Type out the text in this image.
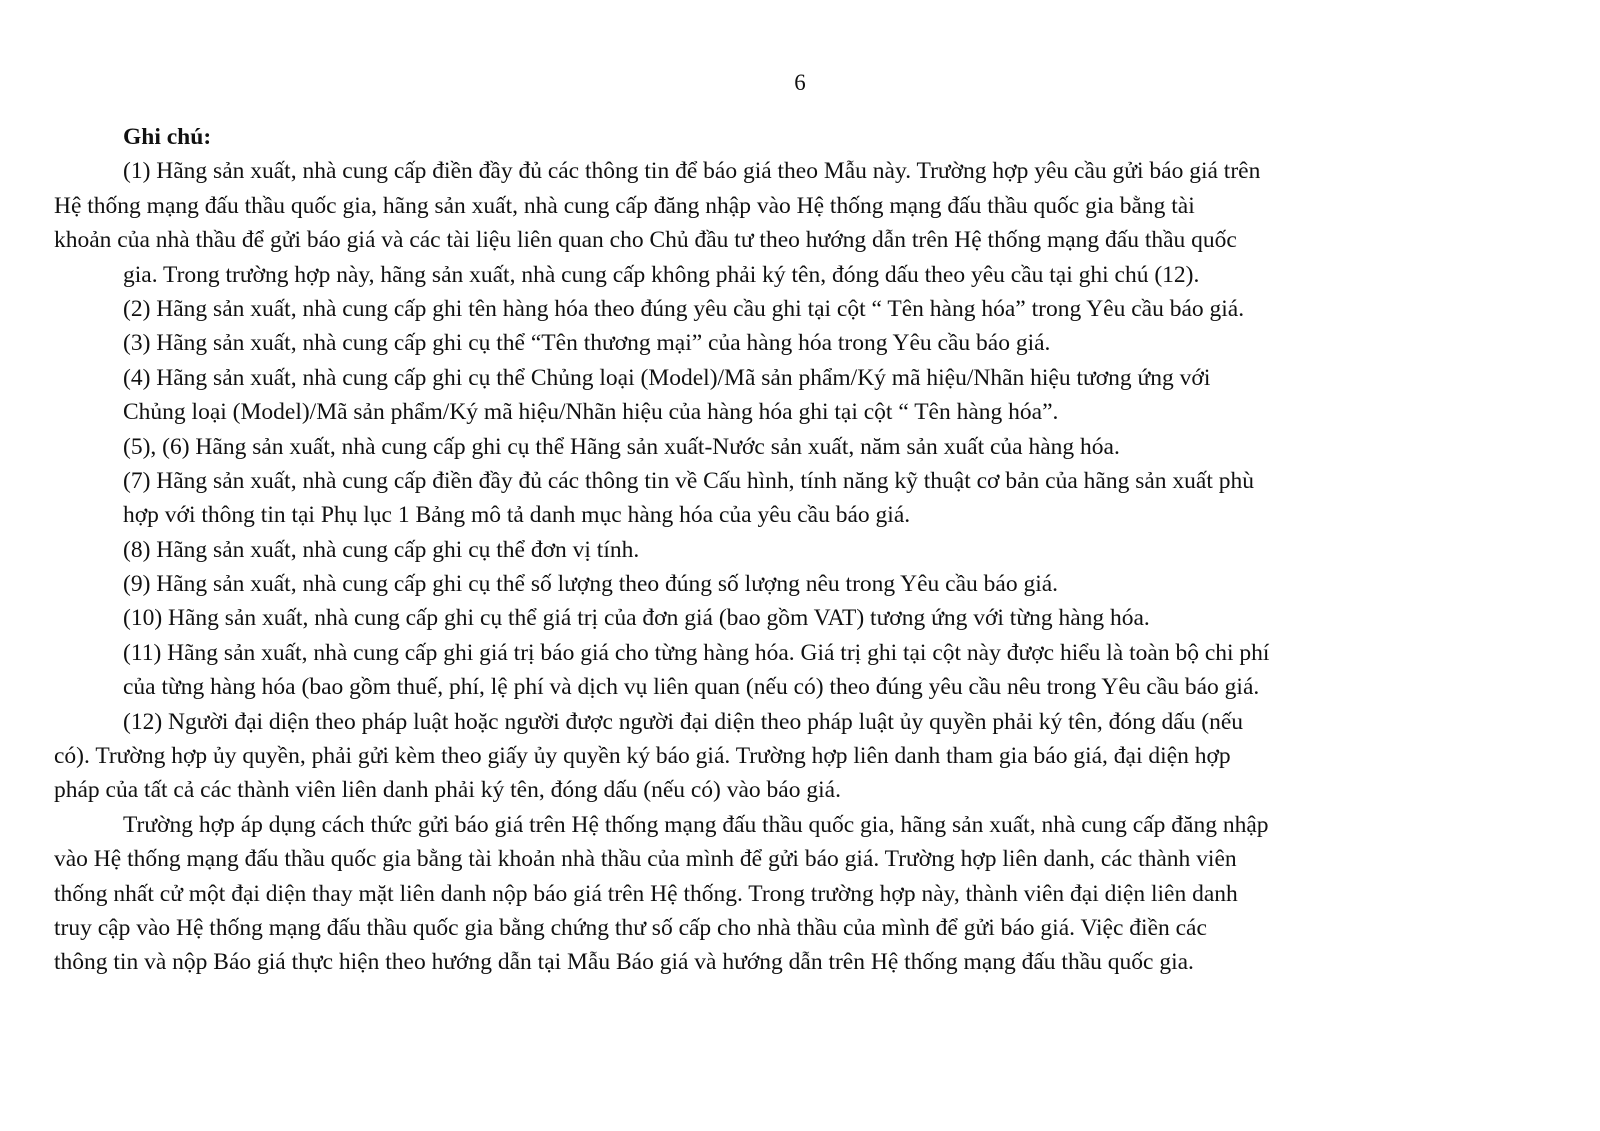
6
Ghi chú:
(1) Hãng sản xuất, nhà cung cấp điền đầy đủ các thông tin để báo giá theo Mẫu này. Trường hợp yêu cầu gửi báo giá trên
Hệ thống mạng đấu thầu quốc gia, hãng sản xuất, nhà cung cấp đăng nhập vào Hệ thống mạng đấu thầu quốc gia bằng tài
khoản của nhà thầu để gửi báo giá và các tài liệu liên quan cho Chủ đầu tư theo hướng dẫn trên Hệ thống mạng đấu thầu quốc
gia. Trong trường hợp này, hãng sản xuất, nhà cung cấp không phải ký tên, đóng dấu theo yêu cầu tại ghi chú (12).
(2) Hãng sản xuất, nhà cung cấp ghi tên hàng hóa theo đúng yêu cầu ghi tại cột “ Tên hàng hóa” trong Yêu cầu báo giá.
(3) Hãng sản xuất, nhà cung cấp ghi cụ thể “Tên thương mại” của hàng hóa trong Yêu cầu báo giá.
(4) Hãng sản xuất, nhà cung cấp ghi cụ thể Chủng loại (Model)/Mã sản phẩm/Ký mã hiệu/Nhãn hiệu tương ứng với
Chủng loại (Model)/Mã sản phẩm/Ký mã hiệu/Nhãn hiệu của hàng hóa ghi tại cột “ Tên hàng hóa”.
(5), (6) Hãng sản xuất, nhà cung cấp ghi cụ thể Hãng sản xuất-Nước sản xuất, năm sản xuất của hàng hóa.
(7) Hãng sản xuất, nhà cung cấp điền đầy đủ các thông tin về Cấu hình, tính năng kỹ thuật cơ bản của hãng sản xuất phù
hợp với thông tin tại Phụ lục 1 Bảng mô tả danh mục hàng hóa của yêu cầu báo giá.
(8) Hãng sản xuất, nhà cung cấp ghi cụ thể đơn vị tính.
(9) Hãng sản xuất, nhà cung cấp ghi cụ thể số lượng theo đúng số lượng nêu trong Yêu cầu báo giá.
(10) Hãng sản xuất, nhà cung cấp ghi cụ thể giá trị của đơn giá (bao gồm VAT) tương ứng với từng hàng hóa.
(11) Hãng sản xuất, nhà cung cấp ghi giá trị báo giá cho từng hàng hóa. Giá trị ghi tại cột này được hiểu là toàn bộ chi phí
của từng hàng hóa (bao gồm thuế, phí, lệ phí và dịch vụ liên quan (nếu có) theo đúng yêu cầu nêu trong Yêu cầu báo giá.
(12) Người đại diện theo pháp luật hoặc người được người đại diện theo pháp luật ủy quyền phải ký tên, đóng dấu (nếu
có). Trường hợp ủy quyền, phải gửi kèm theo giấy ủy quyền ký báo giá. Trường hợp liên danh tham gia báo giá, đại diện hợp
pháp của tất cả các thành viên liên danh phải ký tên, đóng dấu (nếu có) vào báo giá.
Trường hợp áp dụng cách thức gửi báo giá trên Hệ thống mạng đấu thầu quốc gia, hãng sản xuất, nhà cung cấp đăng nhập
vào Hệ thống mạng đấu thầu quốc gia bằng tài khoản nhà thầu của mình để gửi báo giá. Trường hợp liên danh, các thành viên
thống nhất cử một đại diện thay mặt liên danh nộp báo giá trên Hệ thống. Trong trường hợp này, thành viên đại diện liên danh
truy cập vào Hệ thống mạng đấu thầu quốc gia bằng chứng thư số cấp cho nhà thầu của mình để gửi báo giá. Việc điền các
thông tin và nộp Báo giá thực hiện theo hướng dẫn tại Mẫu Báo giá và hướng dẫn trên Hệ thống mạng đấu thầu quốc gia.
